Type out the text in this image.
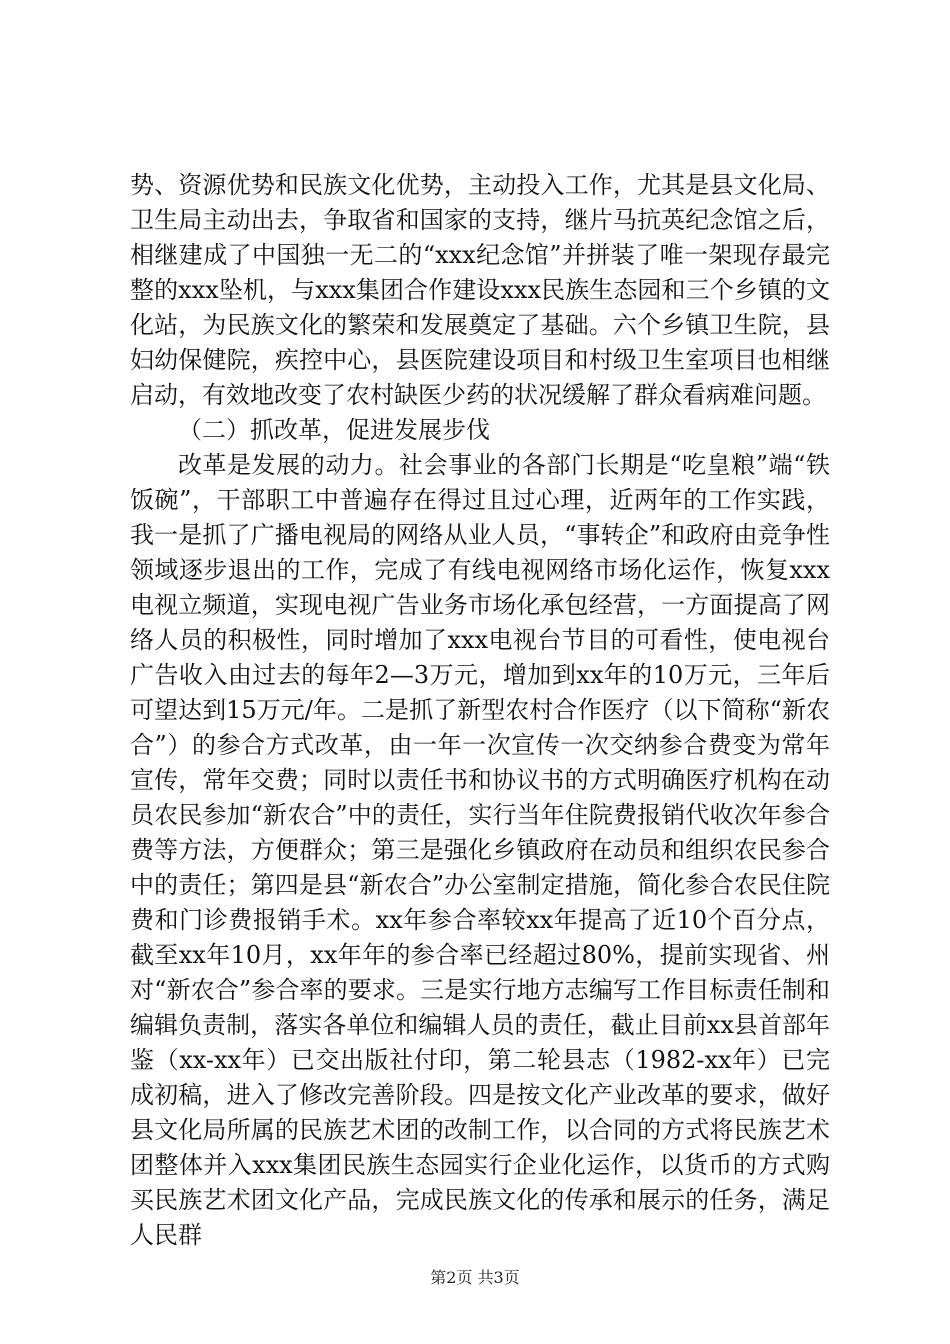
势、资源优势和民族文化优势，主动投入工作，尤其是县文化局、卫生局主动出去，争取省和国家的支持，继片马抗英纪念馆之后，相继建成了中国独一无二的“xxx纪念馆”并拼装了唯一架现存最完整的xxx坠机，与xxx集团合作建设xxx民族生态园和三个乡镇的文化站，为民族文化的繁荣和发展奠定了基础。六个乡镇卫生院，县妇幼保健院，疾控中心，县医院建设项目和村级卫生室项目也相继启动，有效地改变了农村缺医少药的状况缓解了群众看病难问题。

（二）抓改革，促进发展步伐

改革是发展的动力。社会事业的各部门长期是“吃皇粮”端“铁饭碗”，干部职工中普遍存在得过且过心理，近两年的工作实践，我一是抓了广播电视局的网络从业人员，“事转企”和政府由竞争性领域逐步退出的工作，完成了有线电视网络市场化运作，恢复xxx电视立频道，实现电视广告业务市场化承包经营，一方面提高了网络人员的积极性，同时增加了xxx电视台节目的可看性，使电视台广告收入由过去的每年2—3万元，增加到xx年的10万元，三年后可望达到15万元/年。二是抓了新型农村合作医疗（以下简称“新农合”）的参合方式改革，由一年一次宣传一次交纳参合费变为常年宣传，常年交费；同时以责任书和协议书的方式明确医疗机构在动员农民参加“新农合”中的责任，实行当年住院费报销代收次年参合费等方法，方便群众；第三是强化乡镇政府在动员和组织农民参合中的责任；第四是县“新农合”办公室制定措施，简化参合农民住院费和门诊费报销手术。xx年参合率较xx年提高了近10个百分点，截至xx年10月，xx年年的参合率已经超过80%，提前实现省、州对“新农合”参合率的要求。三是实行地方志编写工作目标责任制和编辑负责制，落实各单位和编辑人员的责任，截止目前xx县首部年鉴（xx-xx年）已交出版社付印，第二轮县志（1982-xx年）已完成初稿，进入了修改完善阶段。四是按文化产业改革的要求，做好县文化局所属的民族艺术团的改制工作，以合同的方式将民族艺术团整体并入xxx集团民族生态园实行企业化运作，以货币的方式购买民族艺术团文化产品，完成民族文化的传承和展示的任务，满足人民群

第2页 共3页
